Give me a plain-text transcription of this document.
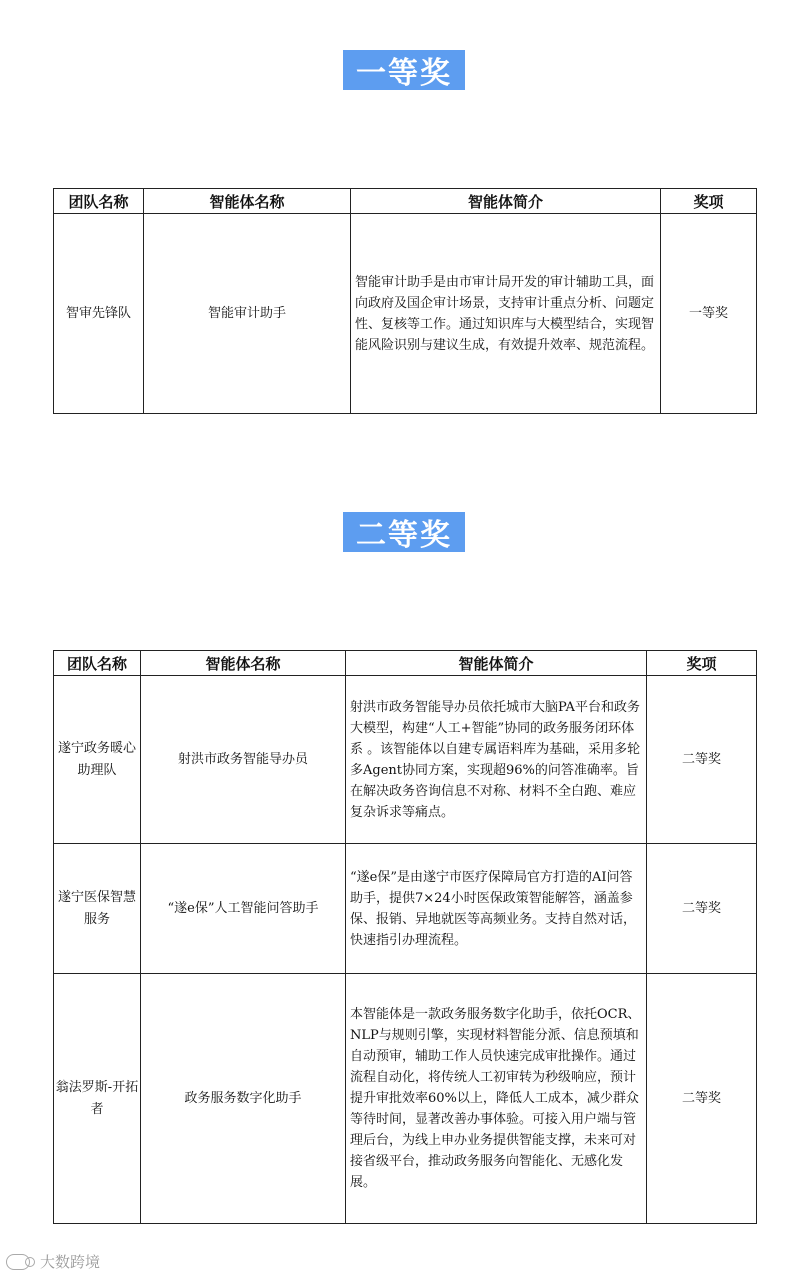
一等奖
团队名称	智能体名称	智能体简介	奖项
智审先锋队	智能审计助手	智能审计助手是由市审计局开发的审计辅助工具，面向政府及国企审计场景，支持审计重点分析、问题定性、复核等工作。通过知识库与大模型结合，实现智能风险识别与建议生成，有效提升效率、规范流程。	一等奖
二等奖
团队名称	智能体名称	智能体简介	奖项
遂宁政务暖心助理队	射洪市政务智能导办员	射洪市政务智能导办员依托城市大脑PA平台和政务大模型，构建“人工+智能”协同的政务服务闭环体系 。该智能体以自建专属语料库为基础，采用多轮多Agent协同方案，实现超96%的问答准确率。旨在解决政务咨询信息不对称、材料不全白跑、难应复杂诉求等痛点。	二等奖
遂宁医保智慧服务	“遂e保”人工智能问答助手	“遂e保”是由遂宁市医疗保障局官方打造的AI问答助手，提供7×24小时医保政策智能解答，涵盖参保、报销、异地就医等高频业务。支持自然对话，快速指引办理流程。	二等奖
翁法罗斯-开拓者	政务服务数字化助手	本智能体是一款政务服务数字化助手，依托OCR、NLP与规则引擎，实现材料智能分派、信息预填和自动预审，辅助工作人员快速完成审批操作。通过流程自动化，将传统人工初审转为秒级响应，预计提升审批效率60%以上，降低人工成本，减少群众等待时间，显著改善办事体验。可接入用户端与管理后台，为线上申办业务提供智能支撑，未来可对接省级平台，推动政务服务向智能化、无感化发展。	二等奖
大数跨境
